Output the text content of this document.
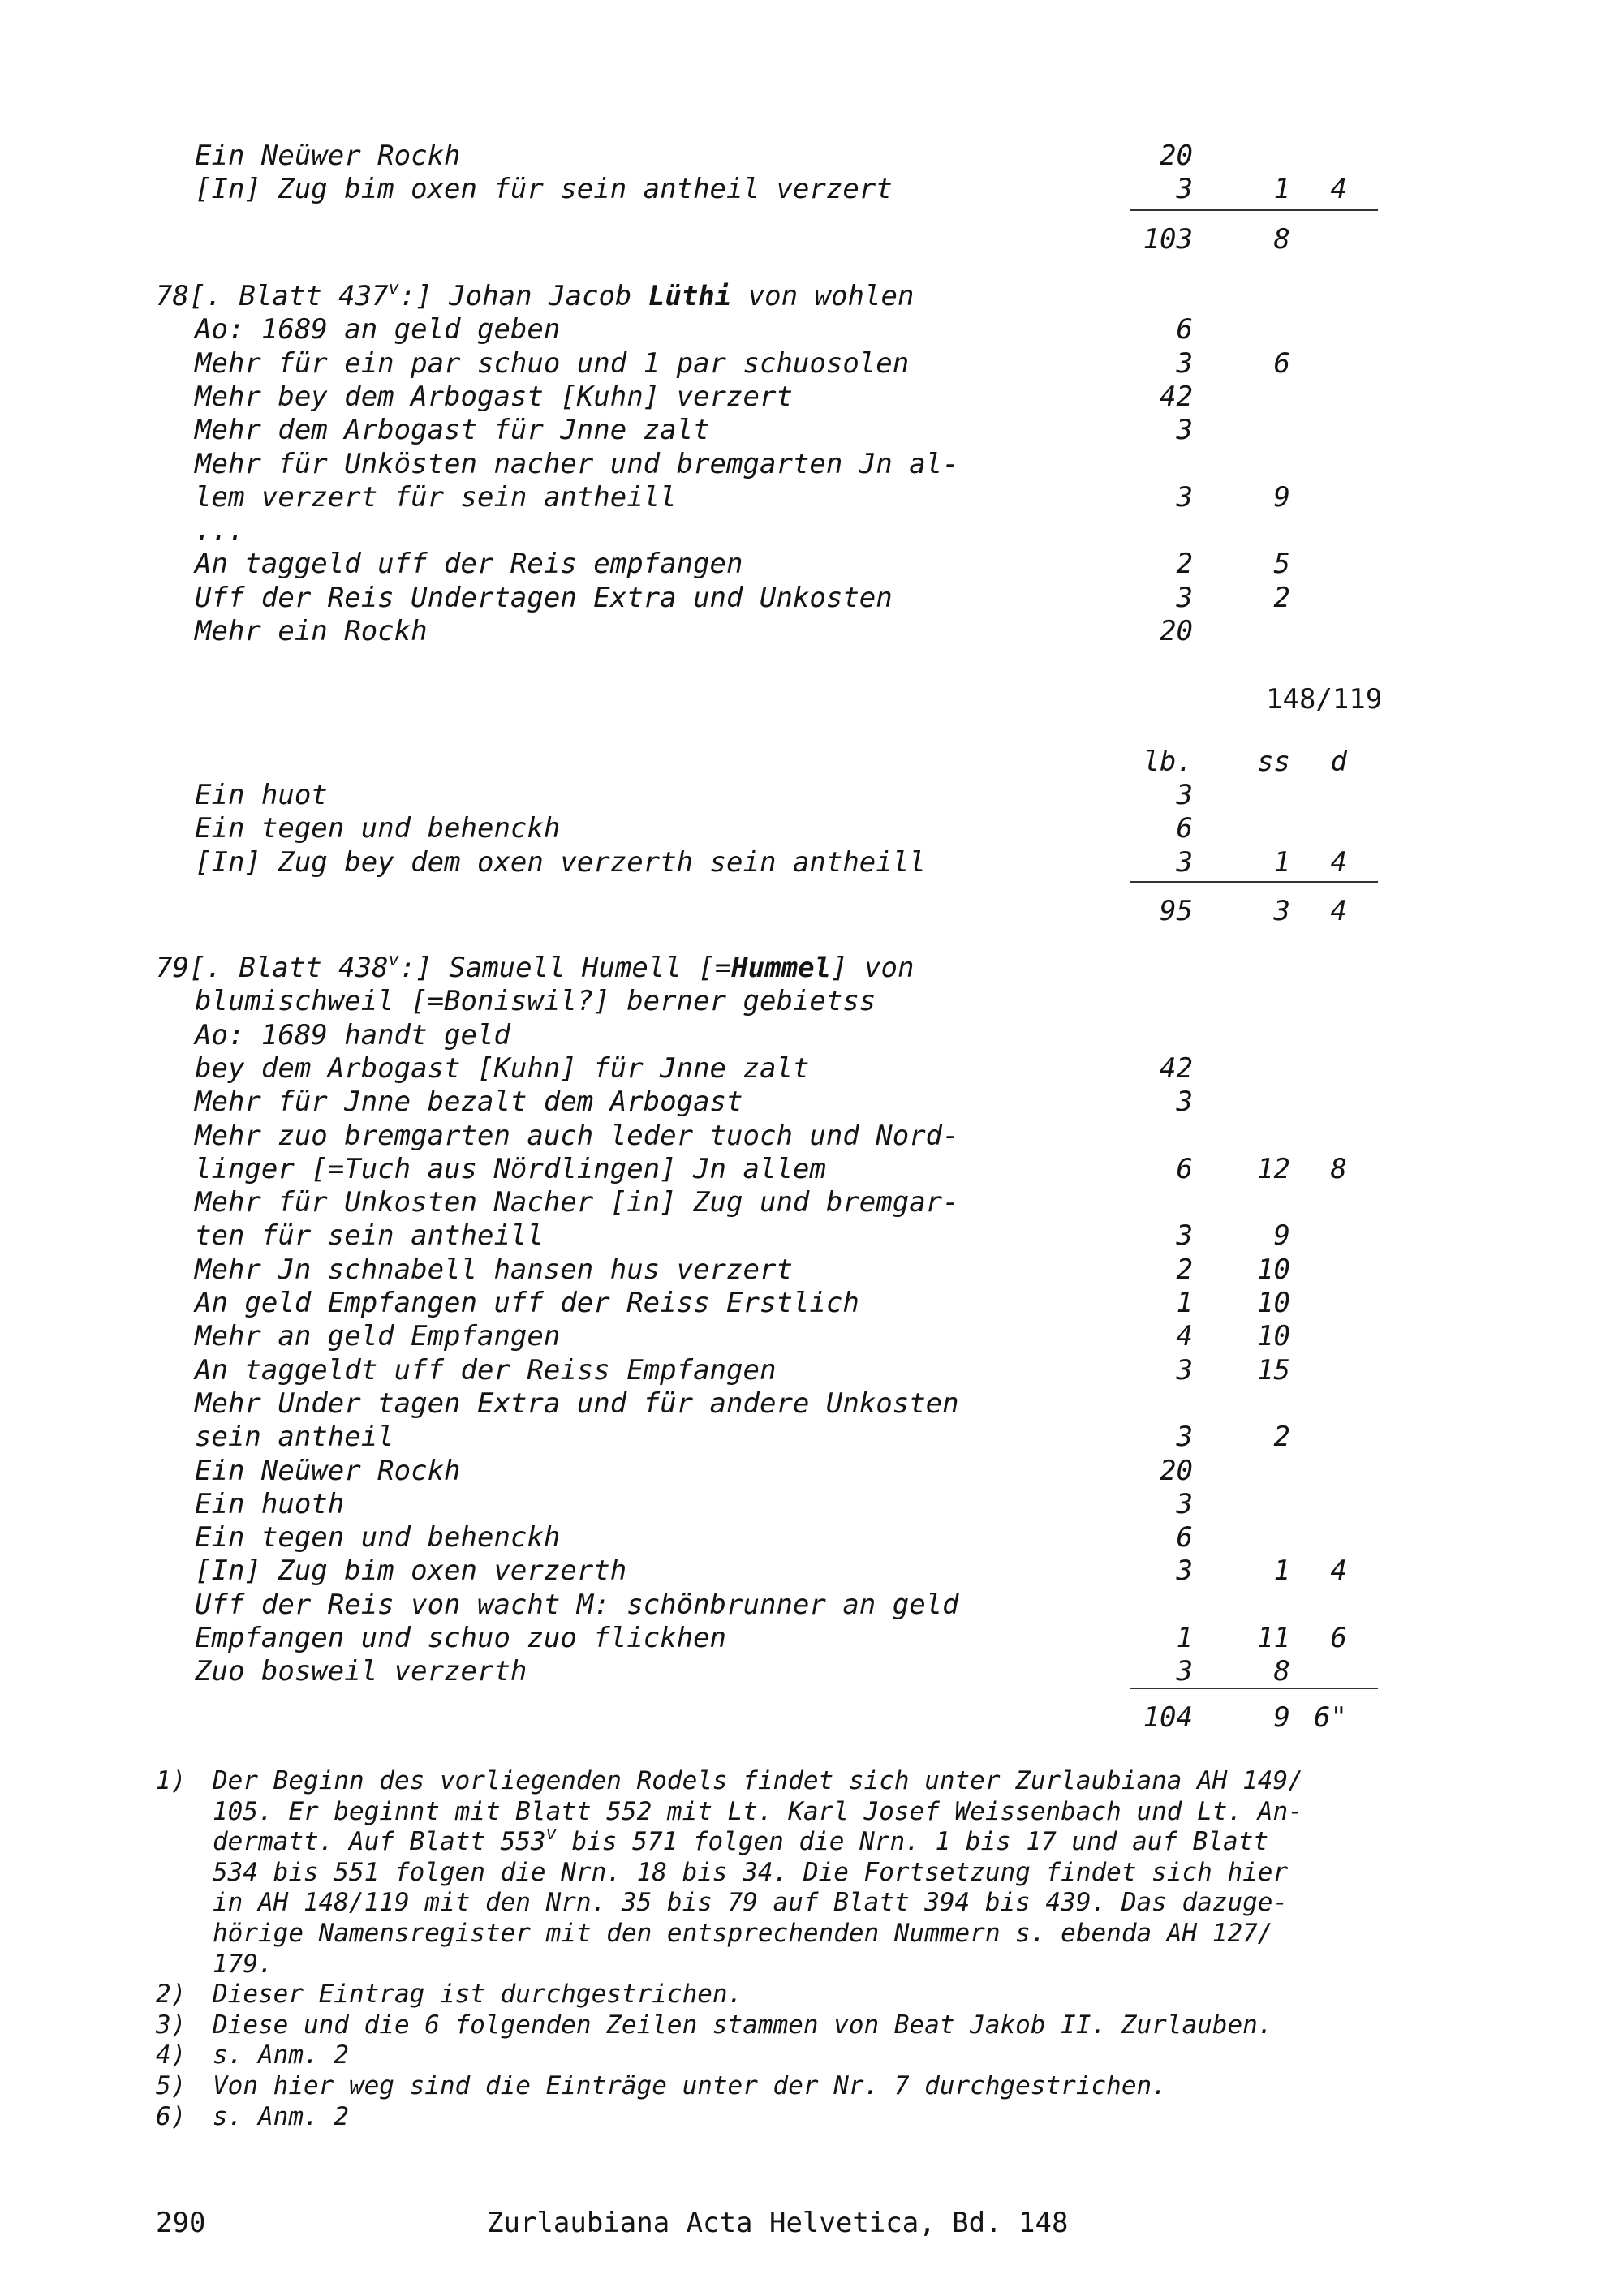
Ein Neüwer Rockh	20
[In] Zug bim oxen für sein antheil verzert	3	1	4
103	8
78[. Blatt 437$^v$:] Johan Jacob Lüthi von wohlen
Ao: 1689 an geld geben	6
Mehr für ein par schuo und 1 par schuosolen	3	6
Mehr bey dem Arbogast [Kuhn] verzert	42
Mehr dem Arbogast für Jnne zalt	3
Mehr für Unkösten nacher und bremgarten Jn al-
lem verzert für sein antheill	3	9
...
An taggeld uff der Reis empfangen	2	5
Uff der Reis Undertagen Extra und Unkosten	3	2
Mehr ein Rockh	20
148/119
lb.	ss	d
Ein huot	3
Ein tegen und behenckh	6
[In] Zug bey dem oxen verzerth sein antheill	3	1	4
95	3	4
79[. Blatt 438$^v$:] Samuell Humell [=Hummel] von
blumischweil [=Boniswil?] berner gebietss
Ao: 1689 handt geld
bey dem Arbogast [Kuhn] für Jnne zalt	42
Mehr für Jnne bezalt dem Arbogast	3
Mehr zuo bremgarten auch leder tuoch und Nord-
linger [=Tuch aus Nördlingen] Jn allem	6	12	8
Mehr für Unkosten Nacher [in] Zug und bremgar-
ten für sein antheill	3	9
Mehr Jn schnabell hansen hus verzert	2	10
An geld Empfangen uff der Reiss Erstlich	1	10
Mehr an geld Empfangen	4	10
An taggeldt uff der Reiss Empfangen	3	15
Mehr Under tagen Extra und für andere Unkosten
sein antheil	3	2
Ein Neüwer Rockh	20
Ein huoth	3
Ein tegen und behenckh	6
[In] Zug bim oxen verzerth	3	1	4
Uff der Reis von wacht M: schönbrunner an geld
Empfangen und schuo zuo flickhen	1	11	6
Zuo bosweil verzerth	3	8
104	9 6"
1) Der Beginn des vorliegenden Rodels findet sich unter Zurlaubiana AH 149/
105. Er beginnt mit Blatt 552 mit Lt. Karl Josef Weissenbach und Lt. An-
dermatt. Auf Blatt 553$^v$ bis 571 folgen die Nrn. 1 bis 17 und auf Blatt
534 bis 551 folgen die Nrn. 18 bis 34. Die Fortsetzung findet sich hier
in AH 148/119 mit den Nrn. 35 bis 79 auf Blatt 394 bis 439. Das dazuge-
hörige Namensregister mit den entsprechenden Nummern s. ebenda AH 127/
179.
2) Dieser Eintrag ist durchgestrichen.
3) Diese und die 6 folgenden Zeilen stammen von Beat Jakob II. Zurlauben.
4) s. Anm. 2
5) Von hier weg sind die Einträge unter der Nr. 7 durchgestrichen.
6) s. Anm. 2
290	Zurlaubiana Acta Helvetica, Bd. 148
